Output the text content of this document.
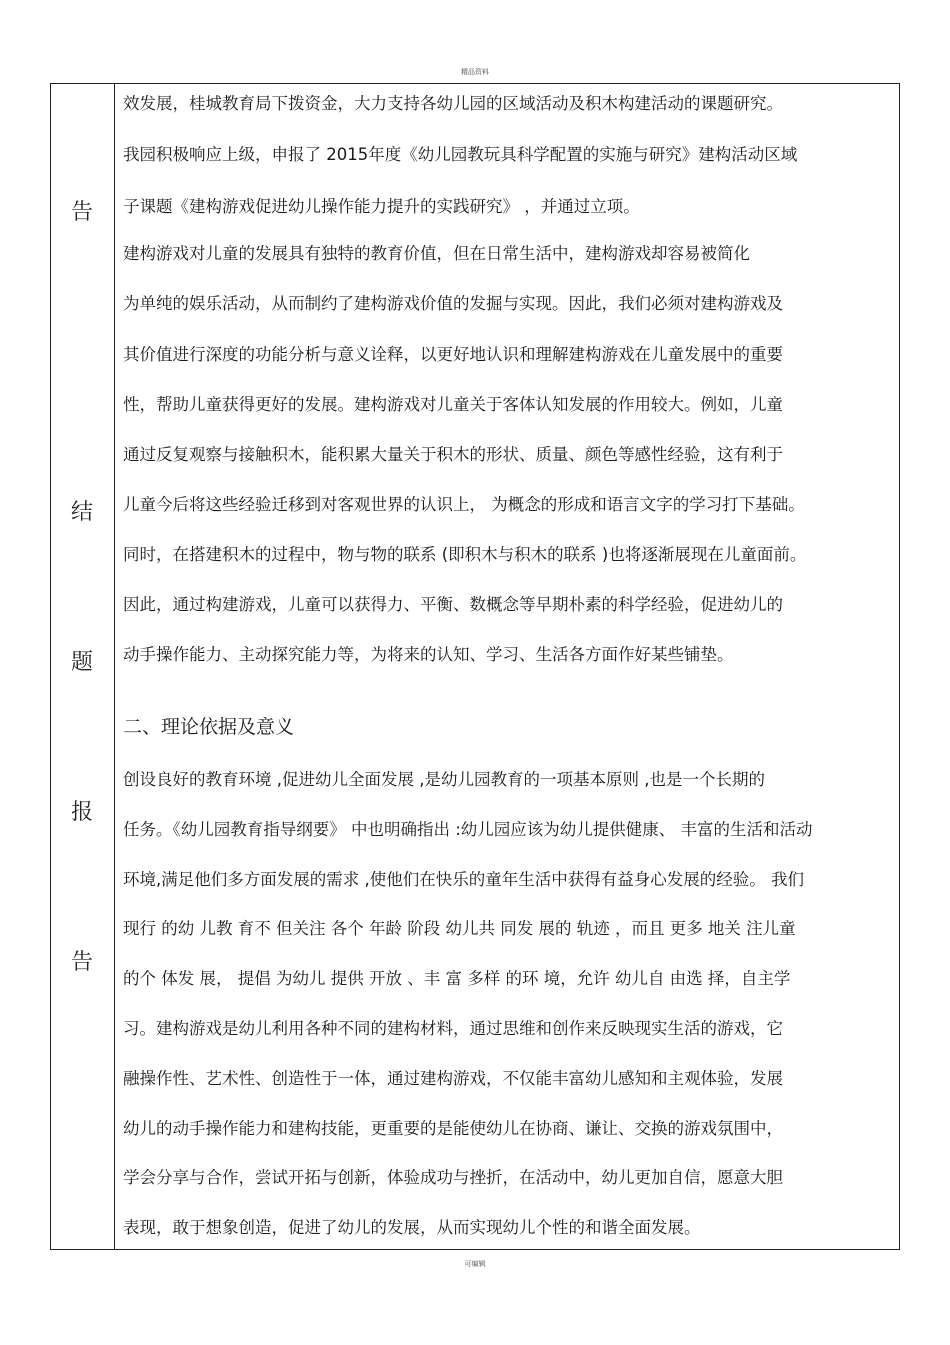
精品资料
告
结
题
报
告
效发展，桂城教育局下拨资金，大力支持各幼儿园的区域活动及积木构建活动的课题研究。
我园积极响应上级，申报了 2015年度《幼儿园教玩具科学配置的实施与研究》建构活动区域
子课题《建构游戏促进幼儿操作能力提升的实践研究》 ，并通过立项。
建构游戏对儿童的发展具有独特的教育价值，但在日常生活中，建构游戏却容易被简化
为单纯的娱乐活动，从而制约了建构游戏价值的发掘与实现。因此，我们必须对建构游戏及
其价值进行深度的功能分析与意义诠释，以更好地认识和理解建构游戏在儿童发展中的重要
性，帮助儿童获得更好的发展。建构游戏对儿童关于客体认知发展的作用较大。例如，儿童
通过反复观察与接触积木，能积累大量关于积木的形状、质量、颜色等感性经验，这有利于
儿童今后将这些经验迁移到对客观世界的认识上， 为概念的形成和语言文字的学习打下基础。
同时，在搭建积木的过程中，物与物的联系 (即积木与积木的联系 )也将逐渐展现在儿童面前。
因此，通过构建游戏，儿童可以获得力、平衡、数概念等早期朴素的科学经验，促进幼儿的
动手操作能力、主动探究能力等，为将来的认知、学习、生活各方面作好某些铺垫。
二、理论依据及意义
创设良好的教育环境 ,促进幼儿全面发展 ,是幼儿园教育的一项基本原则 ,也是一个长期的
任务。《幼儿园教育指导纲要》 中也明确指出 :幼儿园应该为幼儿提供健康、 丰富的生活和活动
环境,满足他们多方面发展的需求 ,使他们在快乐的童年生活中获得有益身心发展的经验。 我们
现行 的幼 儿教 育不 但关注 各个 年龄 阶段 幼儿共 同发 展的 轨迹 ，而且 更多 地关 注儿童
的个 体发 展， 提倡 为幼儿 提供 开放 、丰 富 多样 的环 境，允许 幼儿自 由选 择，自主学
习。建构游戏是幼儿利用各种不同的建构材料，通过思维和创作来反映现实生活的游戏，它
融操作性、艺术性、创造性于一体，通过建构游戏，不仅能丰富幼儿感知和主观体验，发展
幼儿的动手操作能力和建构技能，更重要的是能使幼儿在协商、谦让、交换的游戏氛围中，
学会分享与合作，尝试开拓与创新，体验成功与挫折，在活动中，幼儿更加自信，愿意大胆
表现，敢于想象创造，促进了幼儿的发展，从而实现幼儿个性的和谐全面发展。
可编辑
